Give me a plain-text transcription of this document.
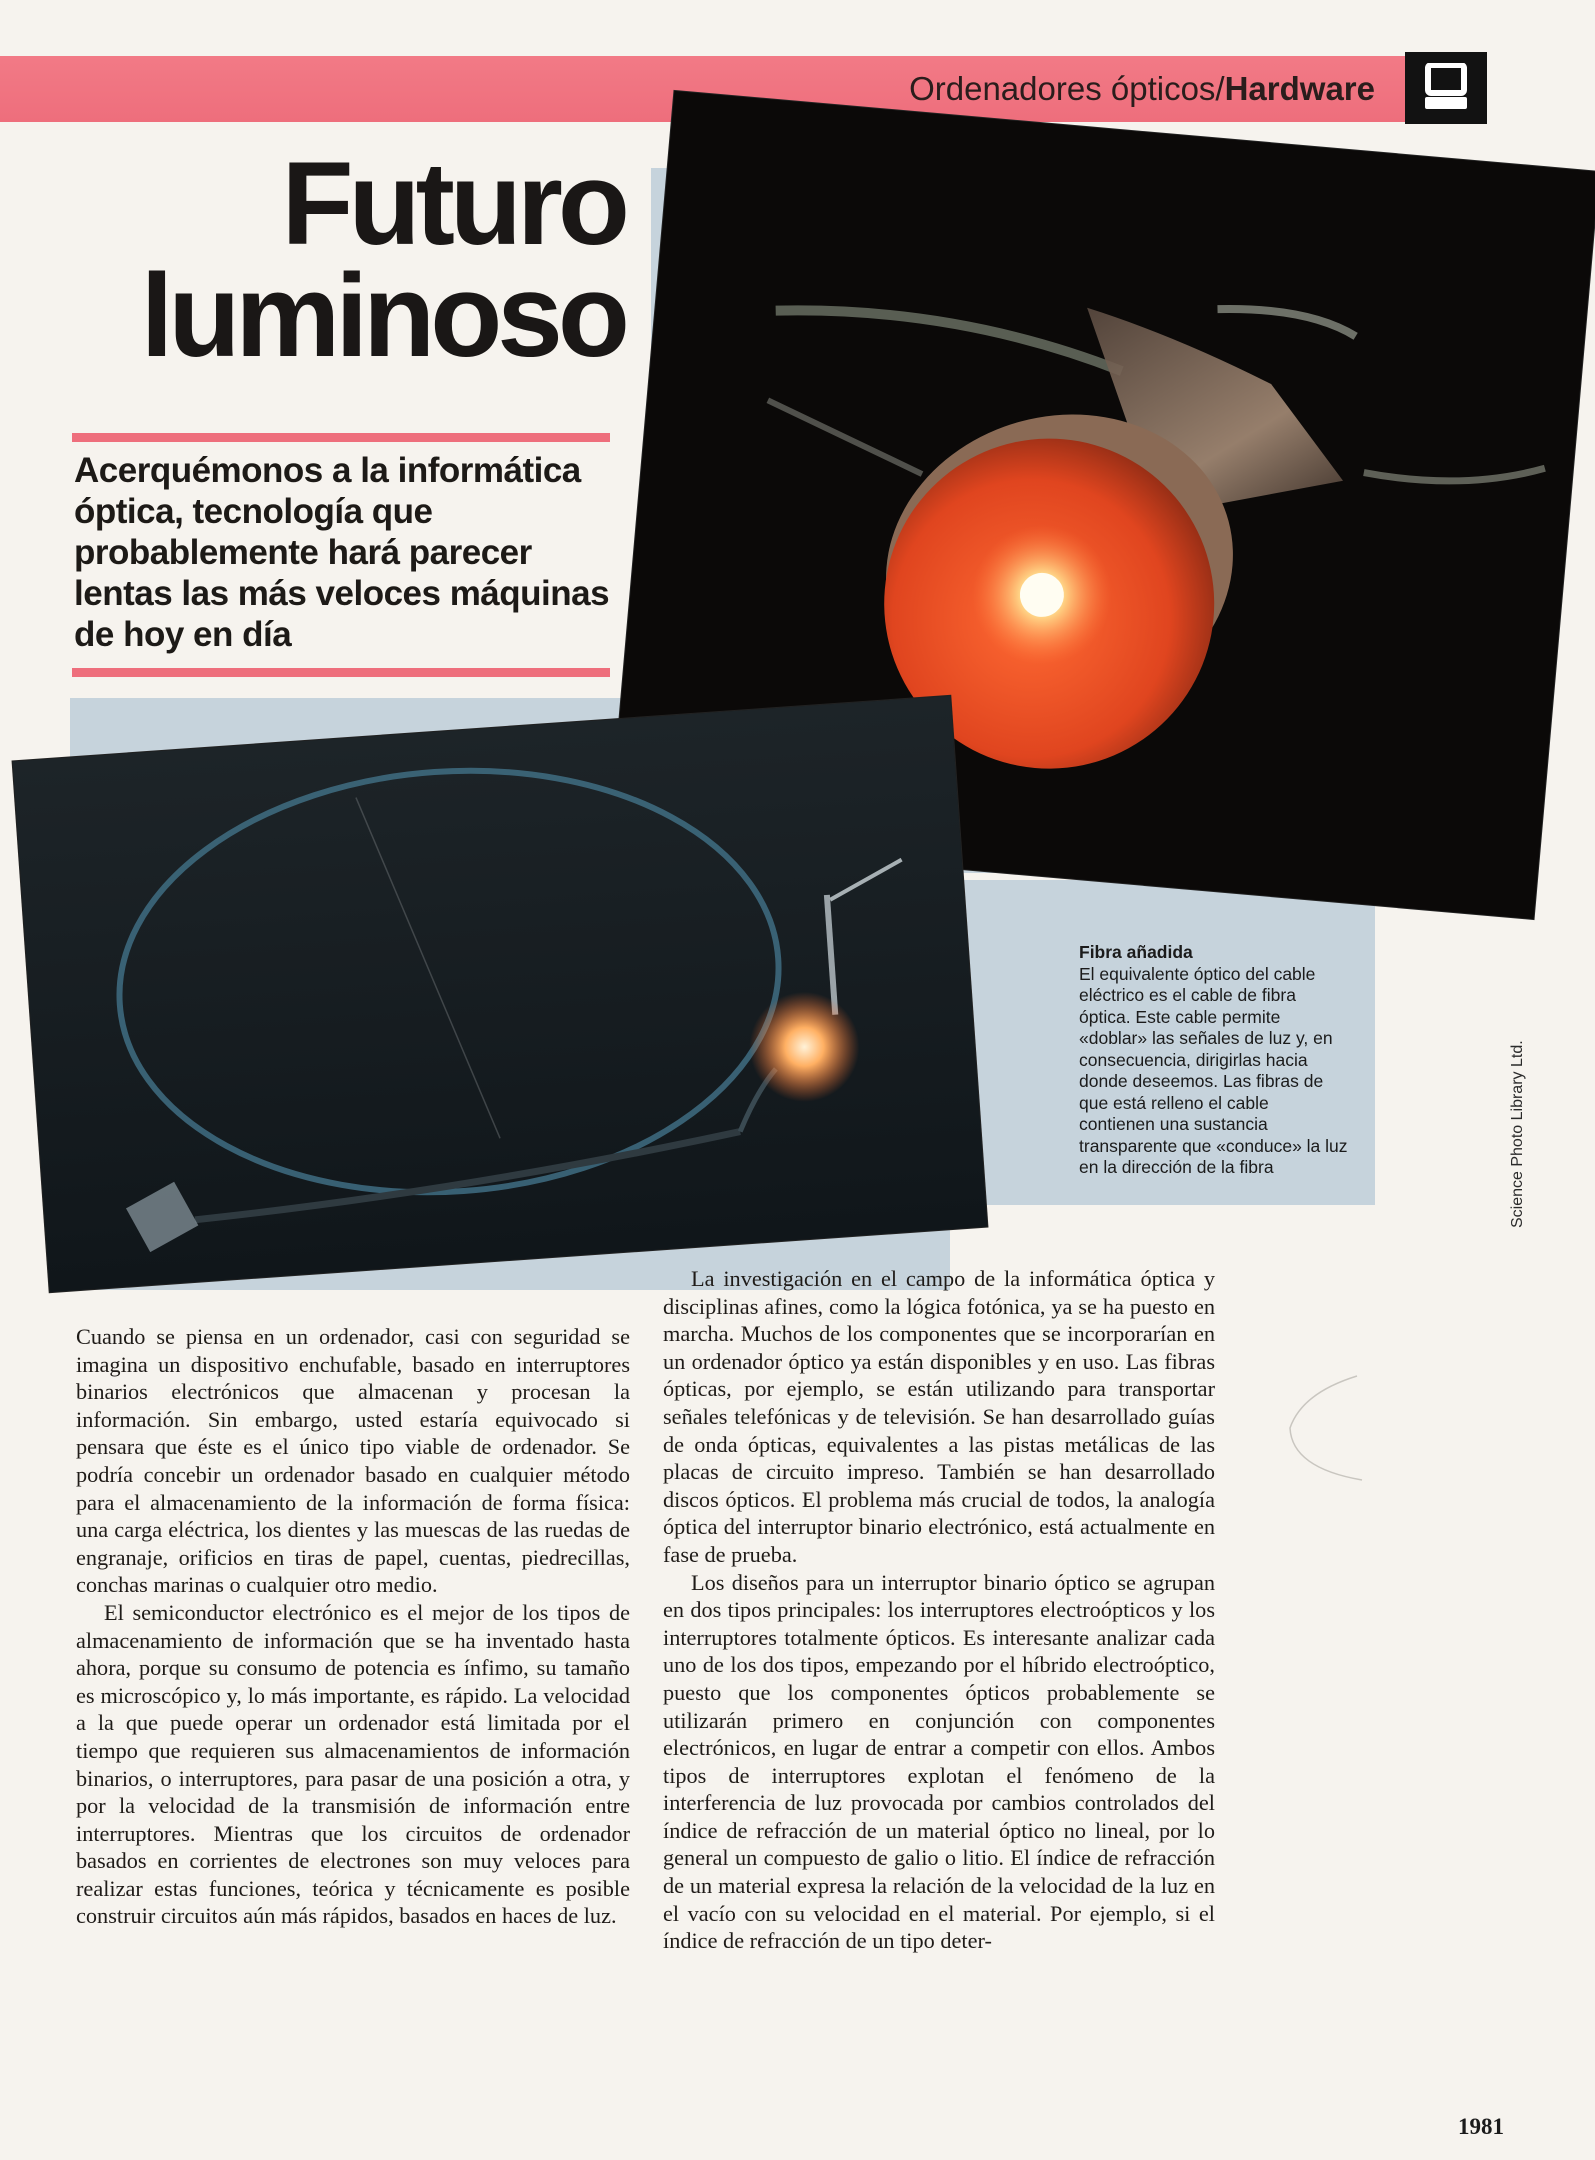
Ordenadores ópticos/Hardware
Futuro
luminoso
Acerquémonos a la informática óptica, tecnología que probablemente hará parecer lentas las más veloces máquinas de hoy en día
Fibra añadida
El equivalente óptico del cable eléctrico es el cable de fibra óptica. Este cable permite «doblar» las señales de luz y, en consecuencia, dirigirlas hacia donde deseemos. Las fibras de que está relleno el cable contienen una sustancia transparente que «conduce» la luz en la dirección de la fibra	Science Photo Library Ltd.

Cuando se piensa en un ordenador, casi con seguridad se imagina un dispositivo enchufable, basado en interruptores binarios electrónicos que almacenan y procesan la información. Sin embargo, usted estaría equivocado si pensara que éste es el único tipo viable de ordenador. Se podría concebir un ordenador basado en cualquier método para el almacenamiento de la información de forma física: una carga eléctrica, los dientes y las muescas de las ruedas de engranaje, orificios en tiras de papel, cuentas, piedrecillas, conchas marinas o cualquier otro medio.

El semiconductor electrónico es el mejor de los tipos de almacenamiento de información que se ha inventado hasta ahora, porque su consumo de potencia es ínfimo, su tamaño es microscópico y, lo más importante, es rápido. La velocidad a la que puede operar un ordenador está limitada por el tiempo que requieren sus almacenamientos de información binarios, o interruptores, para pasar de una posición a otra, y por la velocidad de la transmisión de información entre interruptores. Mientras que los circuitos de ordenador basados en corrientes de electrones son muy veloces para realizar estas funciones, teórica y técnicamente es posible construir circuitos aún más rápidos, basados en haces de luz.

La investigación en el campo de la informática óptica y disciplinas afines, como la lógica fotónica, ya se ha puesto en marcha. Muchos de los componentes que se incorporarían en un ordenador óptico ya están disponibles y en uso. Las fibras ópticas, por ejemplo, se están utilizando para transportar señales telefónicas y de televisión. Se han desarrollado guías de onda ópticas, equivalentes a las pistas metálicas de las placas de circuito impreso. También se han desarrollado discos ópticos. El problema más crucial de todos, la analogía óptica del interruptor binario electrónico, está actualmente en fase de prueba.

Los diseños para un interruptor binario óptico se agrupan en dos tipos principales: los interruptores electroópticos y los interruptores totalmente ópticos. Es interesante analizar cada uno de los dos tipos, empezando por el híbrido electroóptico, puesto que los componentes ópticos probablemente se utilizarán primero en conjunción con componentes electrónicos, en lugar de entrar a competir con ellos. Ambos tipos de interruptores explotan el fenómeno de la interferencia de luz provocada por cambios controlados del índice de refracción de un material óptico no lineal, por lo general un compuesto de galio o litio. El índice de refracción de un material expresa la relación de la velocidad de la luz en el vacío con su velocidad en el material. Por ejemplo, si el índice de refracción de un tipo deter-

1981
